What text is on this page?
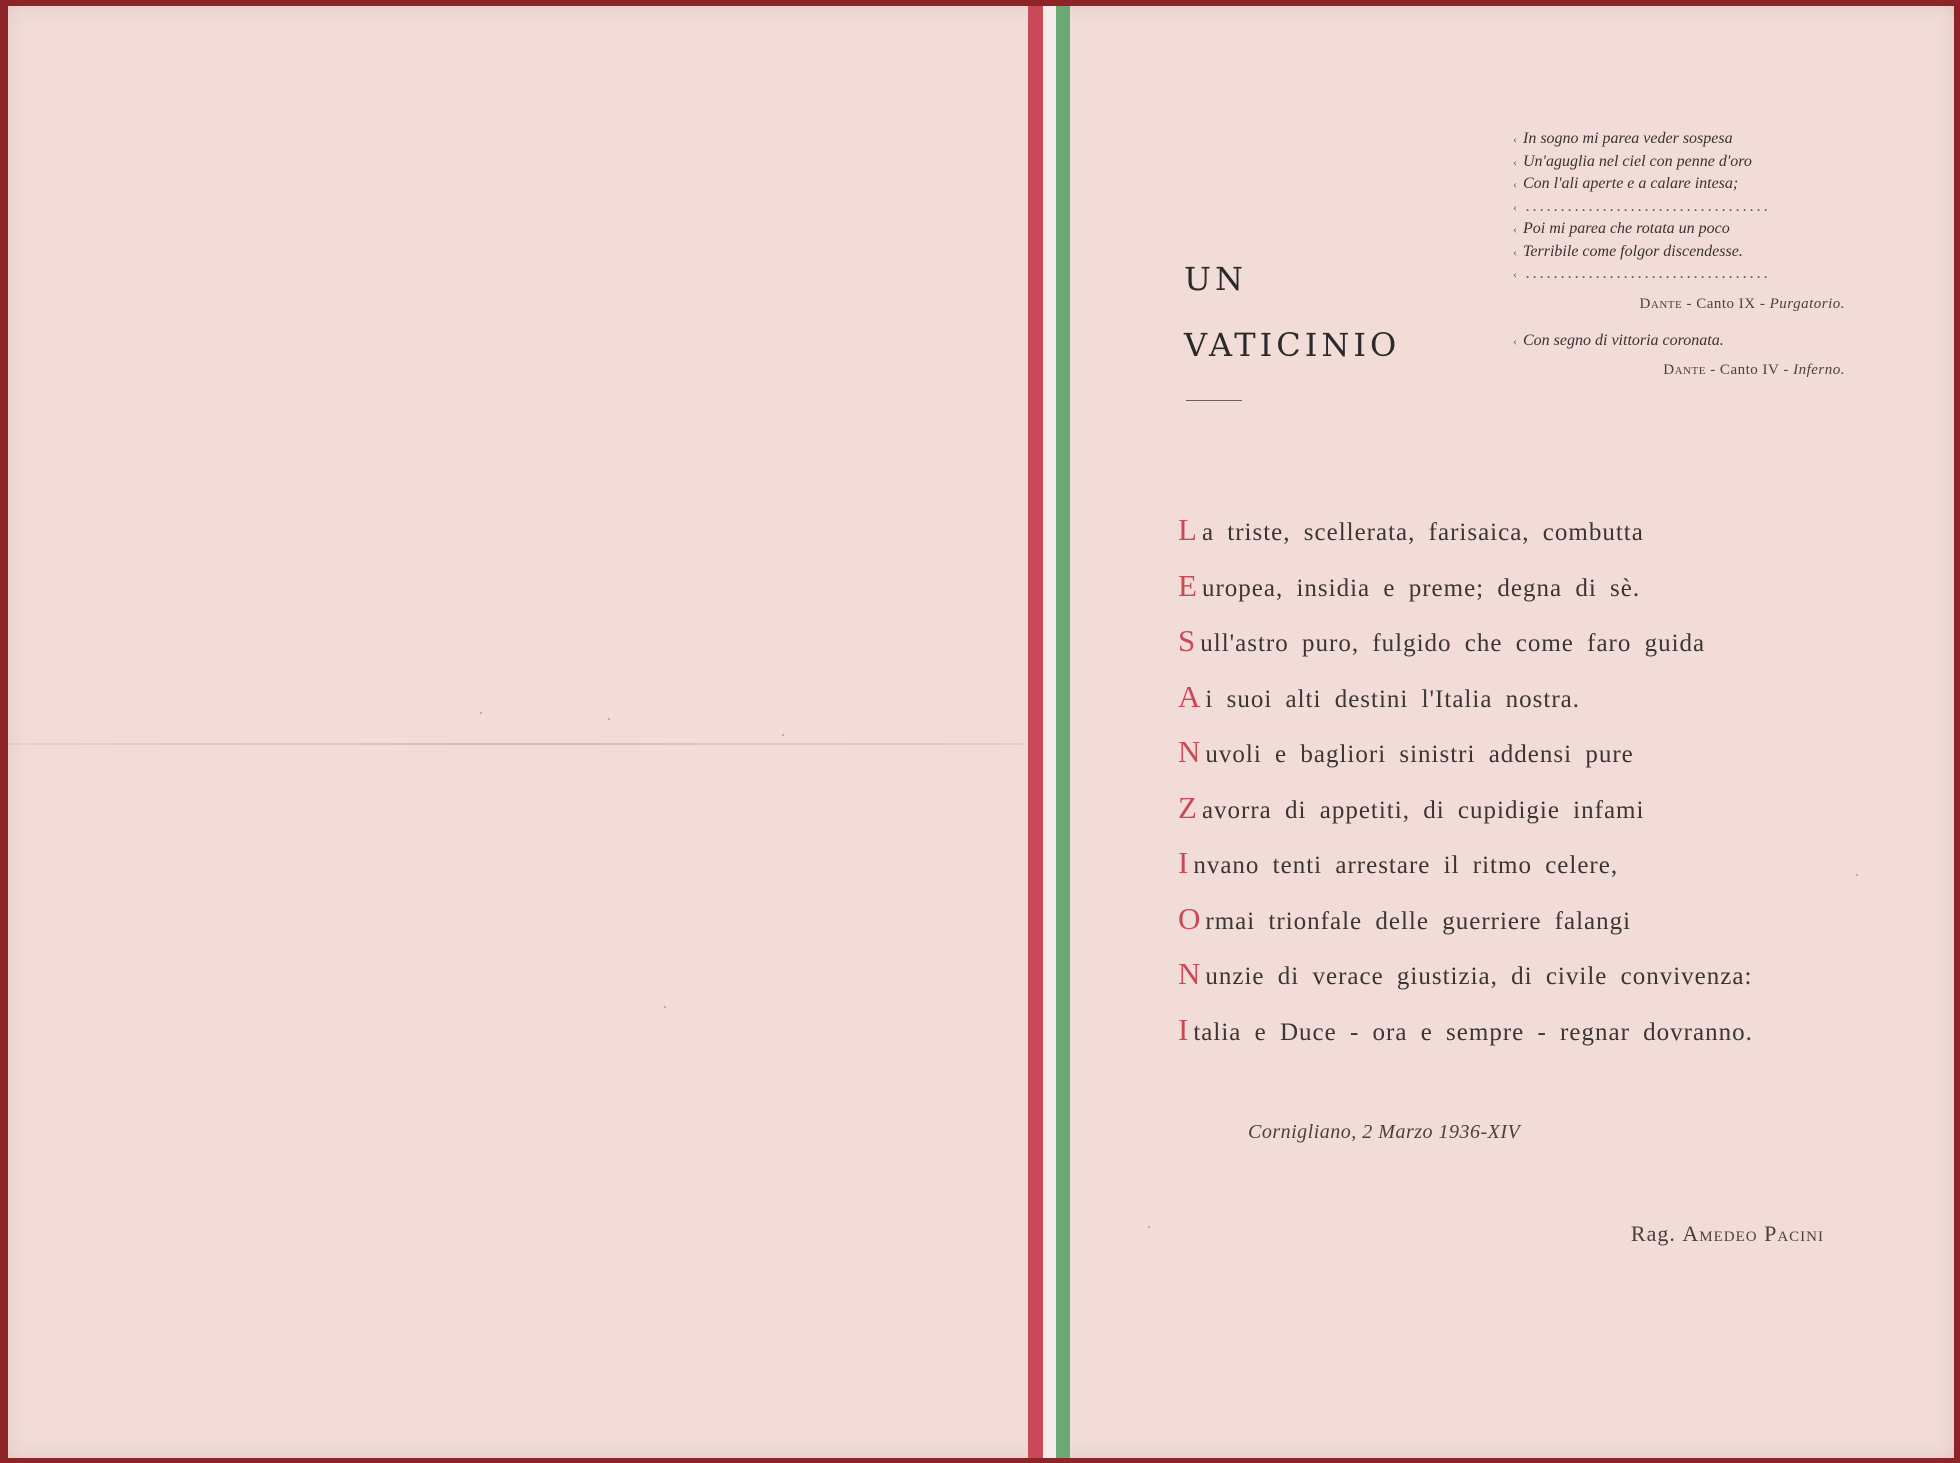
UN
VATICINIO
‹ In sogno mi parea veder sospesa
‹ Un'aguglia nel ciel con penne d'oro
‹ Con l'ali aperte e a calare intesa;
‹ ...................................
‹ Poi mi parea che rotata un poco
‹ Terribile come folgor discendesse.
‹ ...................................
Dante - Canto IX - Purgatorio.
‹ Con segno di vittoria coronata.
Dante - Canto IV - Inferno.
L a triste, scellerata, farisaica, combutta
E uropea, insidia e preme; degna di sè.
S ull'astro puro, fulgido che come faro guida
A i suoi alti destini l'Italia nostra.
N uvoli e bagliori sinistri addensi pure
Z avorra di appetiti, di cupidigie infami
I nvano tenti arrestare il ritmo celere,
O rmai trionfale delle guerriere falangi
N unzie di verace giustizia, di civile convivenza:
I talia e Duce - ora e sempre - regnar dovranno.
Cornigliano, 2 Marzo 1936-XIV
Rag. Amedeo Pacini
